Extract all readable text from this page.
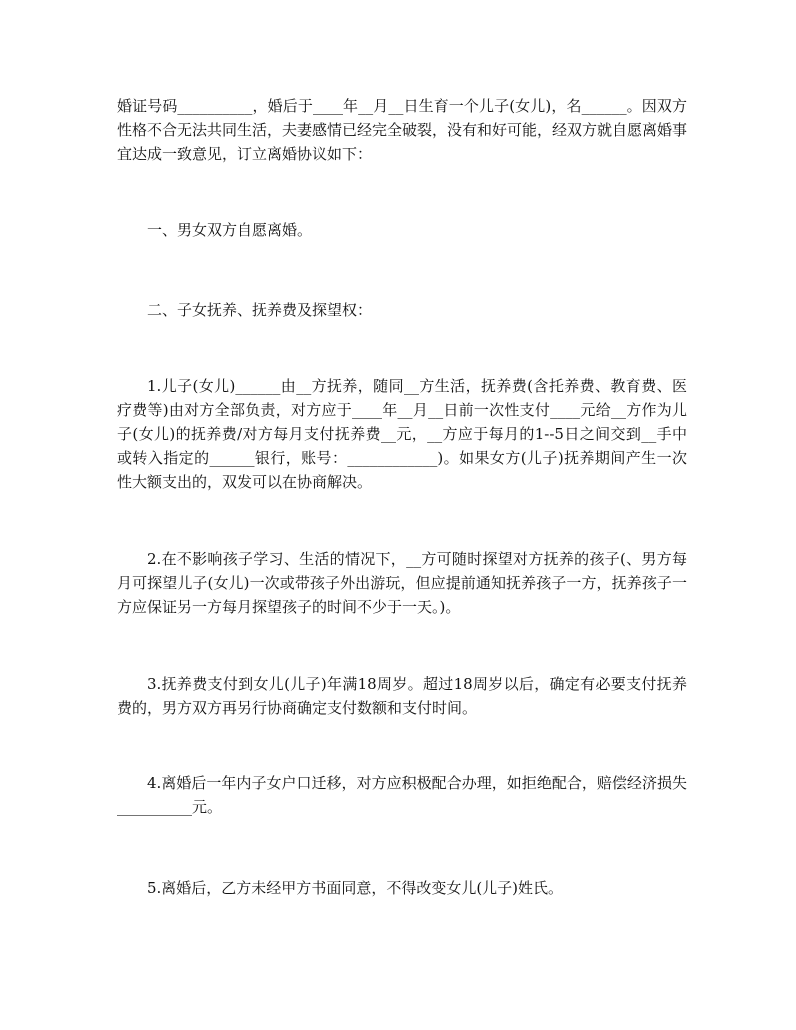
婚证号码__________，婚后于____年__月__日生育一个儿子(女儿)，名______。因双方性格不合无法共同生活，夫妻感情已经完全破裂，没有和好可能，经双方就自愿离婚事宜达成一致意见，订立离婚协议如下：

一、男女双方自愿离婚。

二、子女抚养、抚养费及探望权：

1.儿子(女儿)______由__方抚养，随同__方生活，抚养费(含托养费、教育费、医疗费等)由对方全部负责，对方应于____年__月__日前一次性支付____元给__方作为儿子(女儿)的抚养费/对方每月支付抚养费__元，__方应于每月的1--5日之间交到__手中或转入指定的______银行，账号：____________)。如果女方(儿子)抚养期间产生一次性大额支出的，双发可以在协商解决。

2.在不影响孩子学习、生活的情况下，__方可随时探望对方抚养的孩子(、男方每月可探望儿子(女儿)一次或带孩子外出游玩，但应提前通知抚养孩子一方，抚养孩子一方应保证另一方每月探望孩子的时间不少于一天。)。

3.抚养费支付到女儿(儿子)年满18周岁。超过18周岁以后，确定有必要支付抚养费的，男方双方再另行协商确定支付数额和支付时间。

4.离婚后一年内子女户口迁移，对方应积极配合办理，如拒绝配合，赔偿经济损失__________元。

5.离婚后，乙方未经甲方书面同意，不得改变女儿(儿子)姓氏。
